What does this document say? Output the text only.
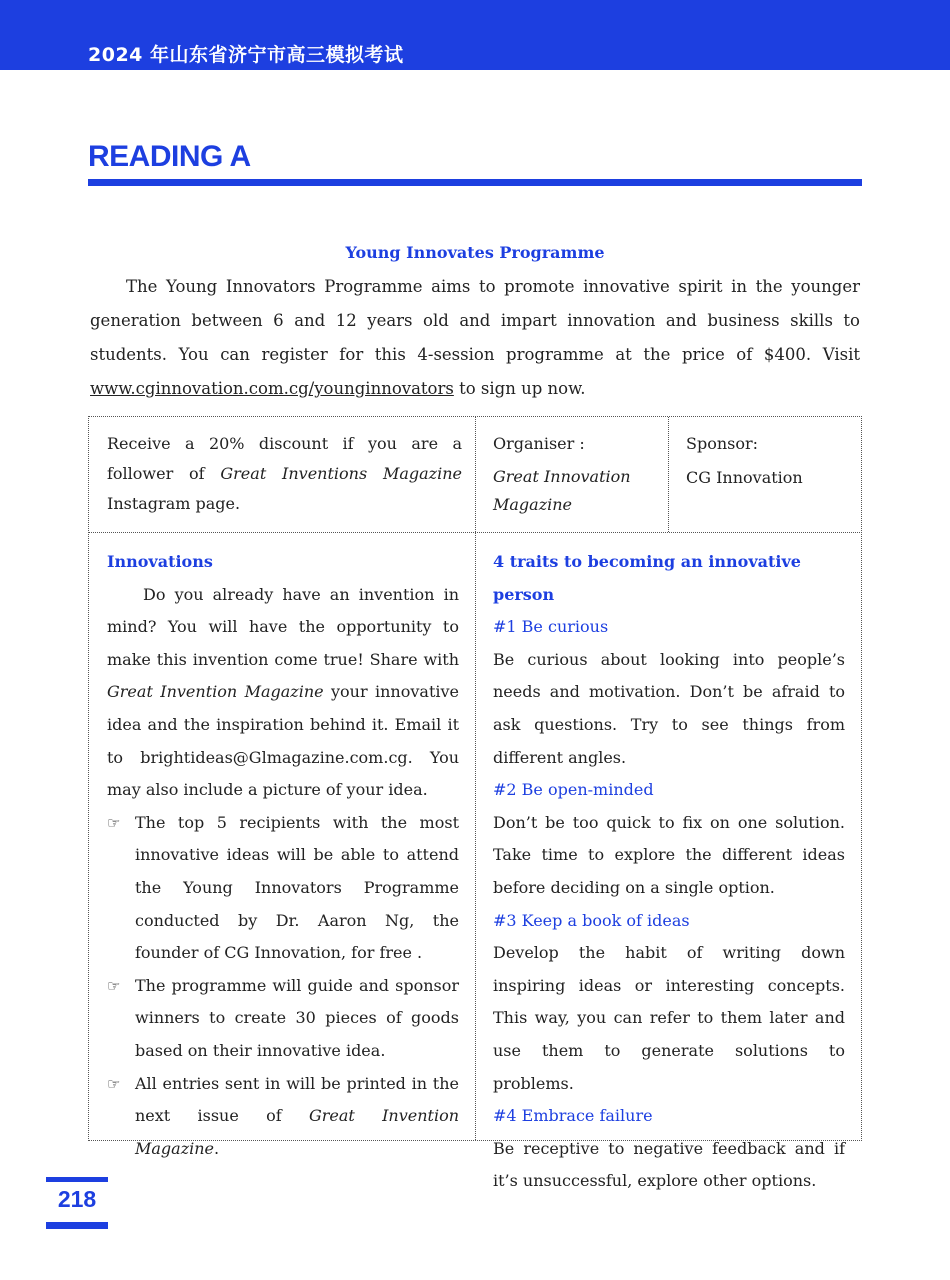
2024 年山东省济宁市高三模拟考试
READING A
Young Innovates Programme
The Young Innovators Programme aims to promote innovative spirit in the younger generation between 6 and 12 years old and impart innovation and business skills to students. You can register for this 4-session programme at the price of $400. Visit www.cginnovation.com.cg/younginnovators to sign up now.
Receive a 20% discount if you are a follower of Great Inventions Magazine Instagram page.
Organiser :
Great Innovation Magazine
Sponsor:
CG Innovation
Innovations
Do you already have an invention in mind? You will have the opportunity to make this invention come true! Share with Great Invention Magazine your innovative idea and the inspiration behind it. Email it to brightideas@Glmagazine.com.cg. You may also include a picture of your idea.
☞ The top 5 recipients with the most innovative ideas will be able to attend the Young Innovators Programme conducted by Dr. Aaron Ng, the founder of CG Innovation, for free .
☞ The programme will guide and sponsor winners to create 30 pieces of goods based on their innovative idea.
☞ All entries sent in will be printed in the next issue of Great Invention Magazine.
4 traits to becoming an innovative person
#1 Be curious
Be curious about looking into people’s needs and motivation. Don’t be afraid to ask questions. Try to see things from different angles.
#2 Be open-minded
Don’t be too quick to fix on one solution. Take time to explore the different ideas before deciding on a single option.
#3 Keep a book of ideas
Develop the habit of writing down inspiring ideas or interesting concepts. This way, you can refer to them later and use them to generate solutions to problems.
#4 Embrace failure
Be receptive to negative feedback and if it’s unsuccessful, explore other options.
218
